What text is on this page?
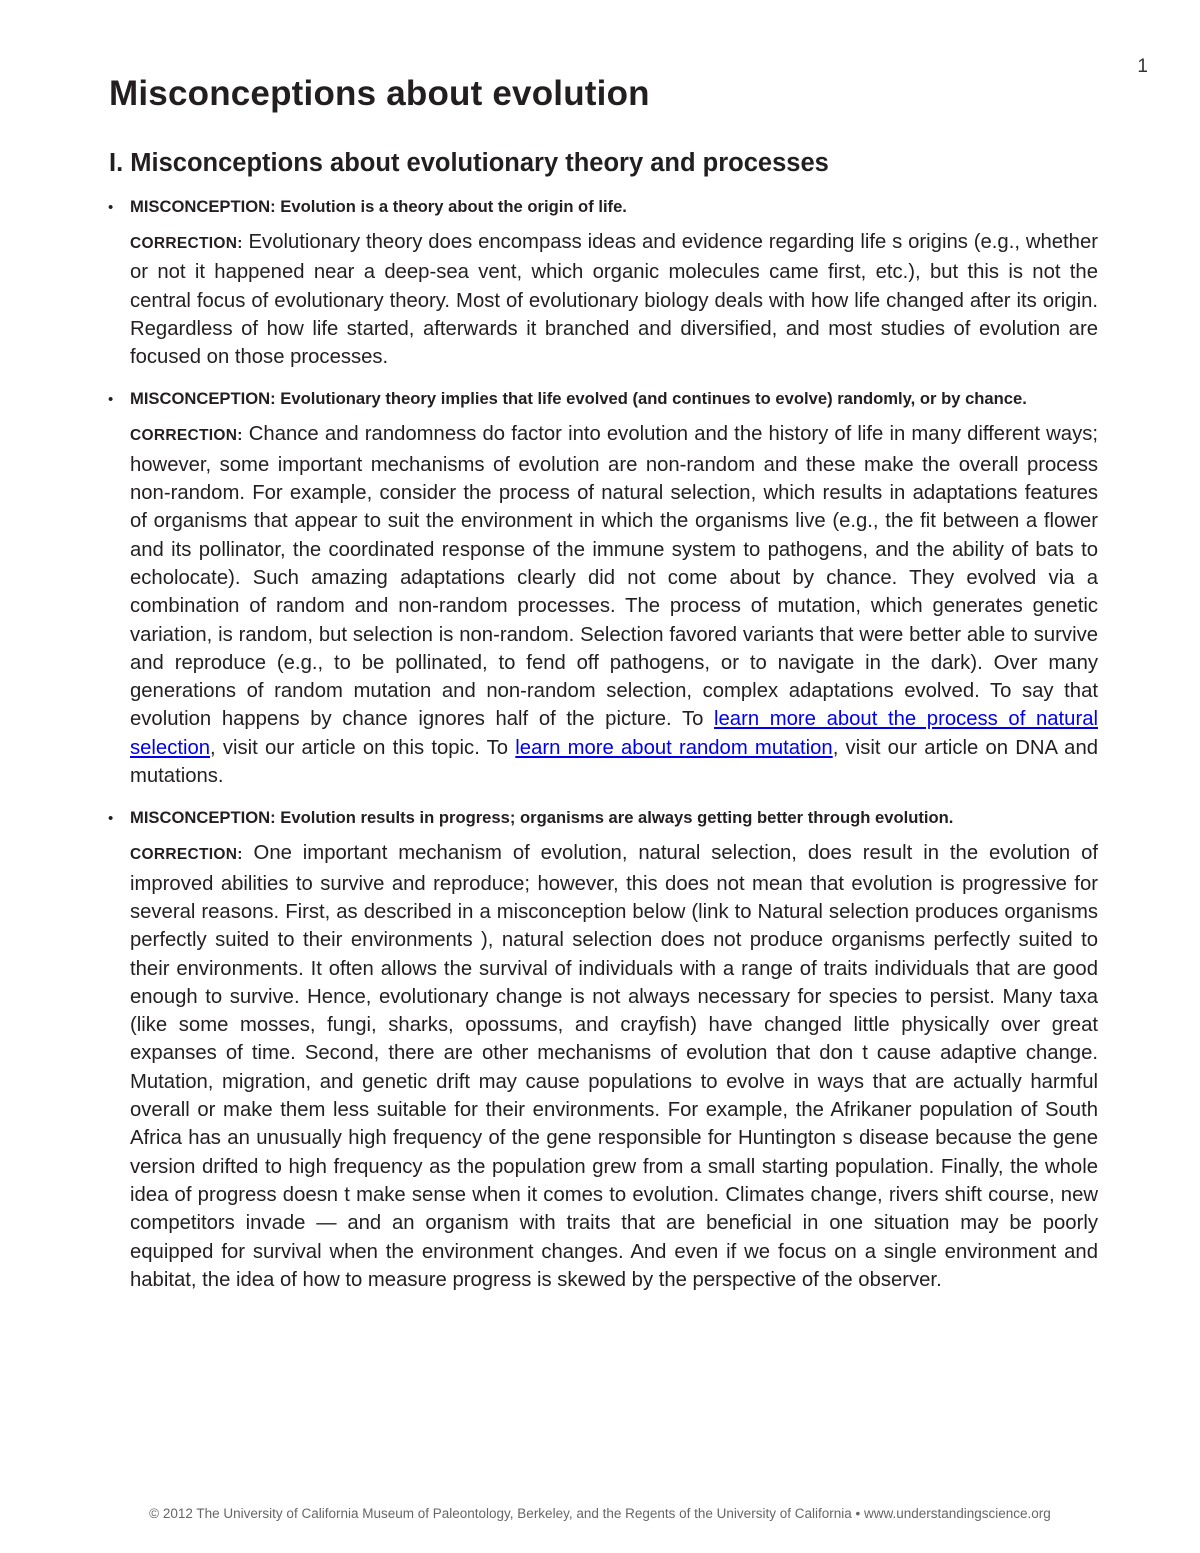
1
Misconceptions about evolution
I. Misconceptions about evolutionary theory and processes
• MISCONCEPTION: Evolution is a theory about the origin of life.

CORRECTION: Evolutionary theory does encompass ideas and evidence regarding life s origins (e.g., whether or not it happened near a deep-sea vent, which organic molecules came first, etc.), but this is not the central focus of evolutionary theory. Most of evolutionary biology deals with how life changed after its origin. Regardless of how life started, afterwards it branched and diversified, and most studies of evolution are focused on those processes.

• MISCONCEPTION: Evolutionary theory implies that life evolved (and continues to evolve) randomly, or by chance.

CORRECTION: Chance and randomness do factor into evolution and the history of life in many different ways; however, some important mechanisms of evolution are non-random and these make the overall process non-random. For example, consider the process of natural selection, which results in adaptations features of organisms that appear to suit the environment in which the organisms live (e.g., the fit between a flower and its pollinator, the coordinated response of the immune system to pathogens, and the ability of bats to echolocate). Such amazing adaptations clearly did not come about by chance. They evolved via a combination of random and non-random processes. The process of mutation, which generates genetic variation, is random, but selection is non-random. Selection favored variants that were better able to survive and reproduce (e.g., to be pollinated, to fend off pathogens, or to navigate in the dark). Over many generations of random mutation and non-random selection, complex adaptations evolved. To say that evolution happens by chance ignores half of the picture. To learn more about the process of natural selection, visit our article on this topic. To learn more about random mutation, visit our article on DNA and mutations.

• MISCONCEPTION: Evolution results in progress; organisms are always getting better through evolution.

CORRECTION: One important mechanism of evolution, natural selection, does result in the evolution of improved abilities to survive and reproduce; however, this does not mean that evolution is progressive for several reasons. First, as described in a misconception below (link to Natural selection produces organisms perfectly suited to their environments ), natural selection does not produce organisms perfectly suited to their environments. It often allows the survival of individuals with a range of traits individuals that are good enough to survive. Hence, evolutionary change is not always necessary for species to persist. Many taxa (like some mosses, fungi, sharks, opossums, and crayfish) have changed little physically over great expanses of time. Second, there are other mechanisms of evolution that don t cause adaptive change. Mutation, migration, and genetic drift may cause populations to evolve in ways that are actually harmful overall or make them less suitable for their environments. For example, the Afrikaner population of South Africa has an unusually high frequency of the gene responsible for Huntington s disease because the gene version drifted to high frequency as the population grew from a small starting population. Finally, the whole idea of progress doesn t make sense when it comes to evolution. Climates change, rivers shift course, new competitors invade — and an organism with traits that are beneficial in one situation may be poorly equipped for survival when the environment changes. And even if we focus on a single environment and habitat, the idea of how to measure progress is skewed by the perspective of the observer.

© 2012 The University of California Museum of Paleontology, Berkeley, and the Regents of the University of California • www.understandingscience.org
